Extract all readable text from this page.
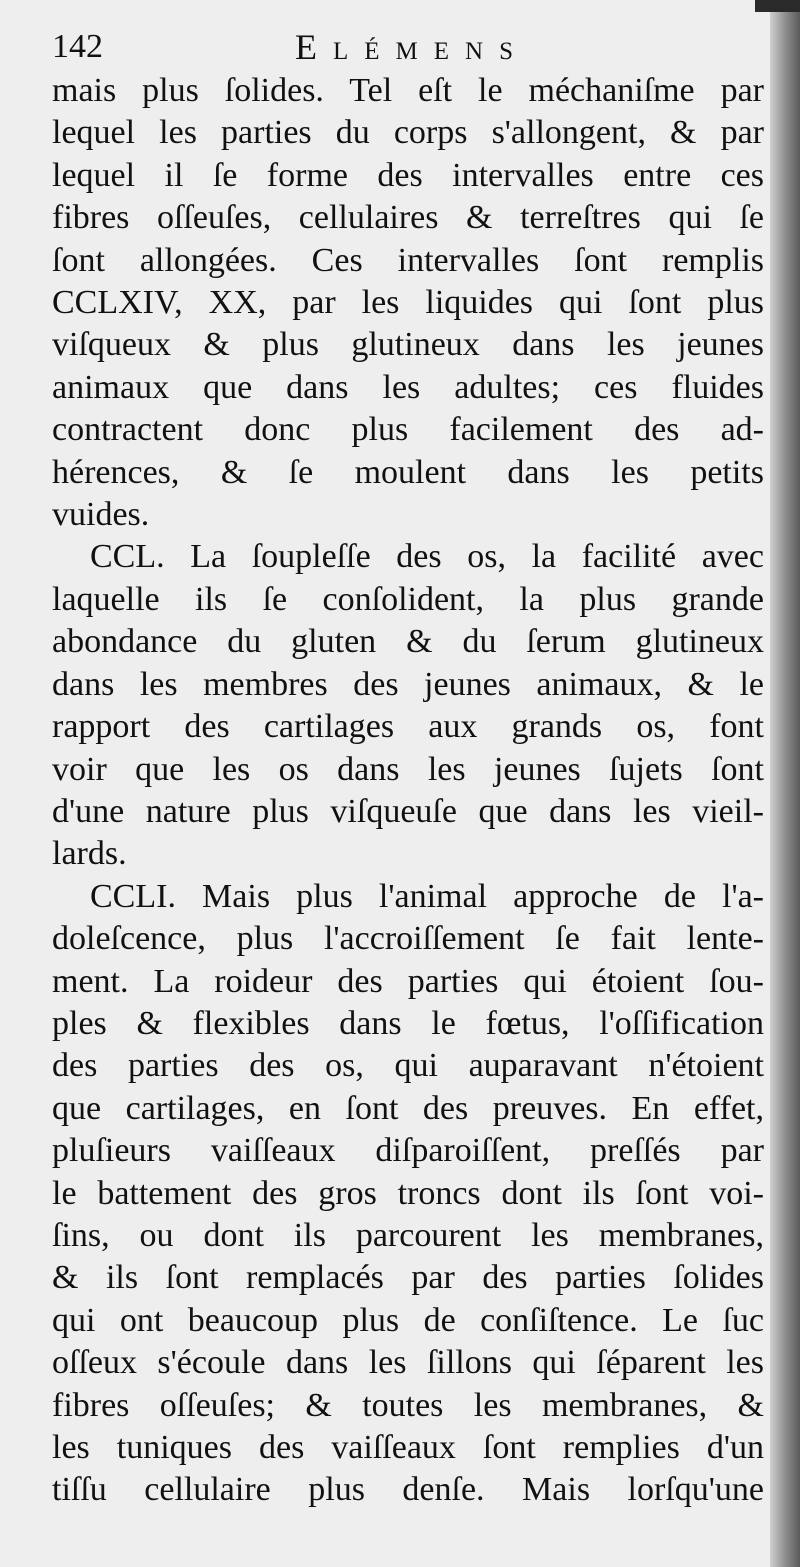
142	Elémens
mais plus ſolides. Tel eſt le méchaniſme par
lequel les parties du corps s'allongent, & par
lequel il ſe forme des intervalles entre ces
fibres oſſeuſes, cellulaires & terreſtres qui ſe
ſont allongées. Ces intervalles ſont remplis
CCLXIV, XX, par les liquides qui ſont plus
viſqueux & plus glutineux dans les jeunes
animaux que dans les adultes; ces fluides
contractent donc plus facilement des ad-
hérences, & ſe moulent dans les petits
vuides.
CCL. La ſoupleſſe des os, la facilité avec
laquelle ils ſe conſolident, la plus grande
abondance du gluten & du ſerum glutineux
dans les membres des jeunes animaux, & le
rapport des cartilages aux grands os, font
voir que les os dans les jeunes ſujets ſont
d'une nature plus viſqueuſe que dans les vieil-
lards.
CCLI. Mais plus l'animal approche de l'a-
doleſcence, plus l'accroiſſement ſe fait lente-
ment. La roideur des parties qui étoient ſou-
ples & flexibles dans le fœtus, l'oſſification
des parties des os, qui auparavant n'étoient
que cartilages, en ſont des preuves. En effet,
pluſieurs vaiſſeaux diſparoiſſent, preſſés par
le battement des gros troncs dont ils ſont voi-
ſins, ou dont ils parcourent les membranes,
& ils ſont remplacés par des parties ſolides
qui ont beaucoup plus de conſiſtence. Le ſuc
oſſeux s'écoule dans les ſillons qui ſéparent les
fibres oſſeuſes; & toutes les membranes, &
les tuniques des vaiſſeaux ſont remplies d'un
tiſſu cellulaire plus denſe. Mais lorſqu'une
